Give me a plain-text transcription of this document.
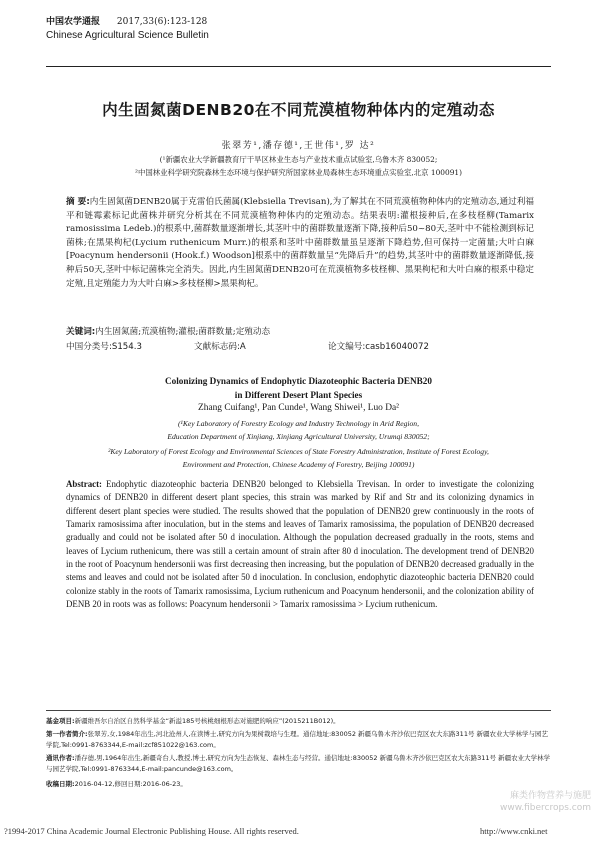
中国农学通报 2017,33(6):123-128
Chinese Agricultural Science Bulletin
内生固氮菌DENB20在不同荒漠植物种体内的定殖动态
张翠芳¹,潘存德¹,王世伟¹,罗 达²
(¹新疆农业大学新疆教育厅干旱区林业生态与产业技术重点试验室,乌鲁木齐 830052;
²中国林业科学研究院森林生态环境与保护研究所国家林业局森林生态环境重点实验室,北京 100091)
摘 要:内生固氮菌DENB20属于克雷伯氏菌属(Klebsiella Trevisan),为了解其在不同荒漠植物种体内的定殖动态,通过利福平和链霉素标记此菌株并研究分析其在不同荒漠植物种体内的定殖动态。结果表明:灌根接种后,在多枝柽柳(Tamarix ramosissima Ledeb.)的根系中,菌群数量逐渐增长,其茎叶中的菌群数量逐渐下降,接种后50~80天,茎叶中不能检测到标记菌株;在黑果枸杞(Lycium ruthenicum Murr.)的根系和茎叶中菌群数量虽呈逐渐下降趋势,但可保持一定菌量;大叶白麻[Poacynum hendersonii (Hook.f.) Woodson]根系中的菌群数量呈“先降后升”的趋势,其茎叶中的菌群数量逐渐降低,接种后50天,茎叶中标记菌株完全消失。因此,内生固氮菌DENB20可在荒漠植物多枝柽柳、黑果枸杞和大叶白麻的根系中稳定定殖,且定殖能力为大叶白麻>多枝柽柳>黑果枸杞。
关键词:内生固氮菌;荒漠植物;灌根;菌群数量;定殖动态
中国分类号:S154.3	文献标志码:A	论文编号:casb16040072
Colonizing Dynamics of Endophytic Diazoteophic Bacteria DENB20
in Different Desert Plant Species
Zhang Cuifang¹, Pan Cunde¹, Wang Shiwei¹, Luo Da²
(¹Key Laboratory of Forestry Ecology and Industry Technology in Arid Region,
Education Department of Xinjiang, Xinjiang Agricultural University, Urumqi 830052;
²Key Laboratory of Forest Ecology and Environmental Sciences of State Forestry Administration, Institute of Forest Ecology,
Environment and Protection, Chinese Academy of Forestry, Beijing 100091)
Abstract: Endophytic diazoteophic bacteria DENB20 belonged to Klebsiella Trevisan. In order to investigate the colonizing dynamics of DENB20 in different desert plant species, this strain was marked by Rif and Str and its colonizing dynamics in different desert plant species were studied. The results showed that the population of DENB20 grew continuously in the roots of Tamarix ramosissima after inoculation, but in the stems and leaves of Tamarix ramosissima, the population of DENB20 decreased gradually and could not be isolated after 50 d inoculation. Although the population decreased gradually in the roots, stems and leaves of Lycium ruthenicum, there was still a certain amount of strain after 80 d inoculation. The development trend of DENB20 in the root of Poacynum hendersonii was first decreasing then increasing, but the population of DENB20 decreased gradually in the stems and leaves and could not be isolated after 50 d inoculation. In conclusion, endophytic diazoteophic bacteria DENB20 could colonize stably in the roots of Tamarix ramosissima, Lycium ruthenicum and Poacynum hendersonii, and the colonization ability of DENB 20 in roots was as follows: Poacynum hendersonii > Tamarix ramosissima > Lycium ruthenicum.
基金项目:新疆维吾尔自治区自然科学基金“新溢185号核桃细根形态对施肥的响应”(2015211B012)。
第一作者简介:张翠芳,女,1984年出生,河北沧州人,在读博士,研究方向为果树栽培与生理。通信地址:830052 新疆乌鲁木齐沙依巴克区农大东路311号 新疆农业大学林学与园艺学院,Tel:0991-8763344,E-mail:zcf851022@163.com。
通讯作者:潘存德,男,1964年出生,新疆奇台人,教授,博士,研究方向为生态恢复、森林生态与经营。通信地址:830052 新疆乌鲁木齐沙依巴克区农大东路311号 新疆农业大学林学与园艺学院,Tel:0991-8763344,E-mail:pancunde@163.com。
收稿日期:2016-04-12,修回日期:2016-06-23。
麻类作物营养与施肥
www.fibercrops.com
?1994-2017 China Academic Journal Electronic Publishing House. All rights reserved.	http://www.cnki.net
